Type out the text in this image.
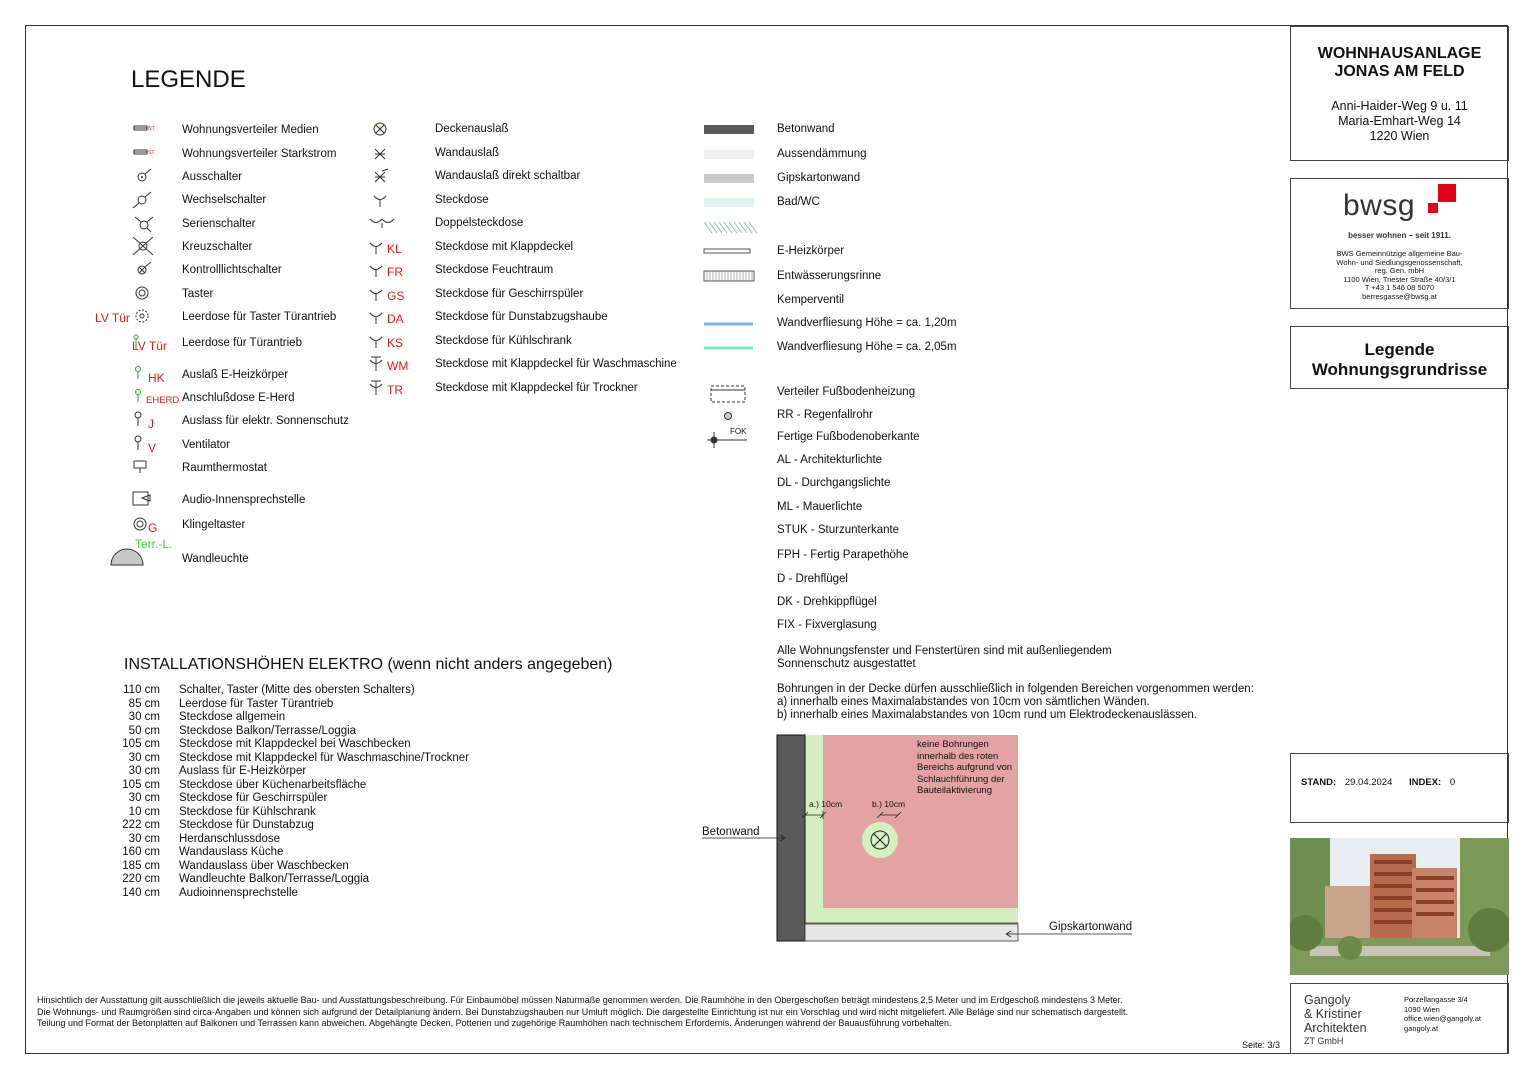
LEGENDE
NT Wohnungsverteiler Medien
ST Wohnungsverteiler Starkstrom
Ausschalter
Wechselschalter
Serienschalter
Kreuzschalter
Kontrolllichtschalter
Taster
LV Tür	Leerdose für Taster Türantrieb
LV Tür Leerdose für Türantrieb
HK Auslaß E-Heizkörper
EHERD Anschlußdose E-Herd
J Auslass für elektr. Sonnenschutz
V Ventilator
Raumthermostat
Audio-Innensprechstelle
G Klingeltaster
Terr.-L.
Wandleuchte
Deckenauslaß
Wandauslaß
Wandauslaß direkt schaltbar
Steckdose
Doppelsteckdose
KL	Steckdose mit Klappdeckel
FR	Steckdose Feuchtraum
GS	Steckdose für Geschirrspüler
DA	Steckdose für Dunstabzugshaube
KS	Steckdose für Kühlschrank
WM Steckdose mit Klappdeckel für Waschmaschine
TR	Steckdose mit Klappdeckel für Trockner
Betonwand
Aussendämmung
Gipskartonwand
Bad/WC
E-Heizkörper
Entwässerungsrinne
Kemperventil
Wandverfliesung Höhe = ca. 1,20m
Wandverfliesung Höhe = ca. 2,05m
Verteiler Fußbodenheizung
RR - Regenfallrohr
FOK	Fertige Fußbodenoberkante
AL - Architekturlichte
DL - Durchgangslichte
ML - Mauerlichte
STUK - Sturzunterkante
FPH - Fertig Parapethöhe
D - Drehflügel
DK - Drehkippflügel
FIX - Fixverglasung
Alle Wohnungsfenster und Fenstertüren sind mit außenliegendem
Sonnenschutz ausgestattet
Bohrungen in der Decke dürfen ausschließlich in folgenden Bereichen vorgenommen werden:
a) innerhalb eines Maximalabstandes von 10cm von sämtlichen Wänden.
b) innerhalb eines Maximalabstandes von 10cm rund um Elektrodeckenauslässen.
Betonwand
Gipskartonwand
a.) 10cm	b.) 10cm
keine Bohrungen
innerhalb des roten
Bereichs aufgrund von
Schlauchführung der
Bauteilaktivierung
INSTALLATIONSHÖHEN ELEKTRO (wenn nicht anders angegeben)
110 cm Schalter, Taster (Mitte des obersten Schalters)
85 cm Leerdose für Taster Türantrieb
30 cm Steckdose allgemein
50 cm Steckdose Balkon/Terrasse/Loggia
105 cm Steckdose mit Klappdeckel bei Waschbecken
30 cm Steckdose mit Klappdeckel für Waschmaschine/Trockner
30 cm Auslass für E-Heizkörper
105 cm Steckdose über Küchenarbeitsfläche
30 cm Steckdose für Geschirrspüler
10 cm Steckdose für Kühlschrank
222 cm Steckdose für Dunstabzug
30 cm Herdanschlussdose
160 cm Wandauslass Küche
185 cm Wandauslass über Waschbecken
220 cm Wandleuchte Balkon/Terrasse/Loggia
140 cm Audioinnensprechstelle
Hinsichtlich der Ausstattung gilt ausschließlich die jeweils aktuelle Bau- und Ausstattungsbeschreibung. Für Einbaumöbel müssen Naturmaße genommen werden. Die Raumhöhe in den Obergeschoßen beträgt mindestens 2,5 Meter und im Erdgeschoß mindestens 3 Meter.
Die Wohnungs- und Raumgrößen sind circa-Angaben und können sich aufgrund der Detailplanung ändern. Bei Dunstabzugshauben nur Umluft möglich. Die dargestellte Einrichtung ist nur ein Vorschlag und wird nicht mitgeliefert. Alle Beläge sind nur schematisch dargestellt.
Teilung und Format der Betonplatten auf Balkonen und Terrassen kann abweichen. Abgehängte Decken, Potterien und zugehörige Raumhöhen nach technischem Erfordernis. Änderungen während der Bauausführung vorbehalten.
Seite: 3/3
WOHNHAUSANLAGE
JONAS AM FELD
Anni-Haider-Weg 9 u. 11
Maria-Emhart-Weg 14
1220 Wien
bwsg
besser wohnen – seit 1911.
BWS Gemeinnützige allgemeine Bau-
Wohn- und Siedlungsgenossenschaft,
reg. Gen. mbH
1100 Wien, Triester Straße 40/3/1
T +43 1 546 08 5070
berresgasse@bwsg.at
Legende
Wohnungsgrundrisse
STAND: 29.04.2024 INDEX: 0
Gangoly
& Kristiner
Architekten
ZT GmbH
Porzellangasse 3/4
1090 Wien
office.wien@gangoly.at
gangoly.at
